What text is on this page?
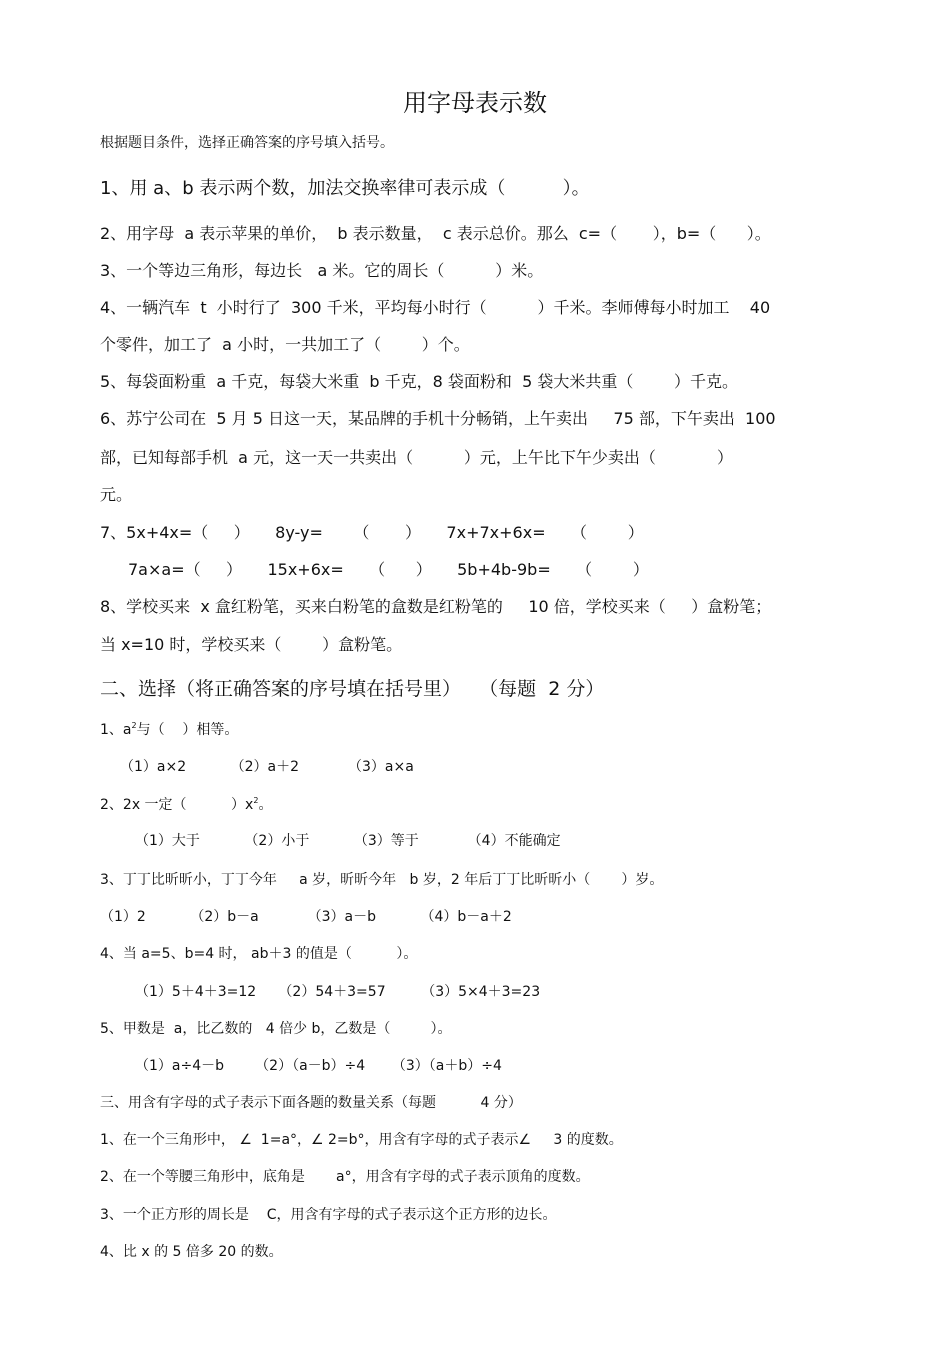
用字母表示数
根据题目条件，选择正确答案的序号填入括号。
1、用 a、b 表示两个数，加法交换率律可表示成（          ）。
2、用字母  a 表示苹果的单价，  b 表示数量，  c 表示总价。那么  c=（       ），b=（      ）。
3、一个等边三角形，每边长   a 米。它的周长（          ）米。
4、一辆汽车  t  小时行了  300 千米，平均每小时行（          ）千米。李师傅每小时加工    40
个零件，加工了  a 小时，一共加工了（        ）个。
5、每袋面粉重  a 千克，每袋大米重  b 千克，8 袋面粉和  5 袋大米共重（        ）千克。
6、苏宁公司在  5 月 5 日这一天，某品牌的手机十分畅销，上午卖出     75 部，下午卖出  100
部，已知每部手机  a 元，这一天一共卖出（          ）元，上午比下午少卖出（            ）
元。
7、5x+4x=（     ）     8y-y=      （       ）     7x+7x+6x=     （        ）
7a×a=（     ）     15x+6x=     （      ）     5b+4b-9b=     （        ）
8、学校买来  x 盒红粉笔，买来白粉笔的盒数是红粉笔的     10 倍，学校买来（     ）盒粉笔；
当 x=10 时，学校买来（        ）盒粉笔。
二、选择（将正确答案的序号填在括号里）   （每题  2 分）
1、$a^2$与（    ）相等。
（1）a×2          （2）a＋2           （3）a×a
2、2x 一定（          ）$x^2$。
（1）大于          （2）小于          （3）等于           （4）不能确定
3、丁丁比昕昕小，丁丁今年     a 岁，昕昕今年   b 岁，2 年后丁丁比昕昕小（       ）岁。
（1）2          （2）b－a           （3）a－b          （4）b－a＋2
4、当 a=5、b=4 时， ab＋3 的值是（          ）。
（1）5＋4＋3=12     （2）54＋3=57        （3）5×4＋3=23
5、甲数是  a，比乙数的   4 倍少 b，乙数是（         ）。
（1）a÷4－b       （2）（a－b）÷4      （3）（a＋b）÷4
三、用含有字母的式子表示下面各题的数量关系（每题          4 分）
1、在一个三角形中， ∠  1=a°，∠ 2=b°，用含有字母的式子表示∠     3 的度数。
2、在一个等腰三角形中，底角是       a°，用含有字母的式子表示顶角的度数。
3、一个正方形的周长是    C，用含有字母的式子表示这个正方形的边长。
4、比 x 的 5 倍多 20 的数。
